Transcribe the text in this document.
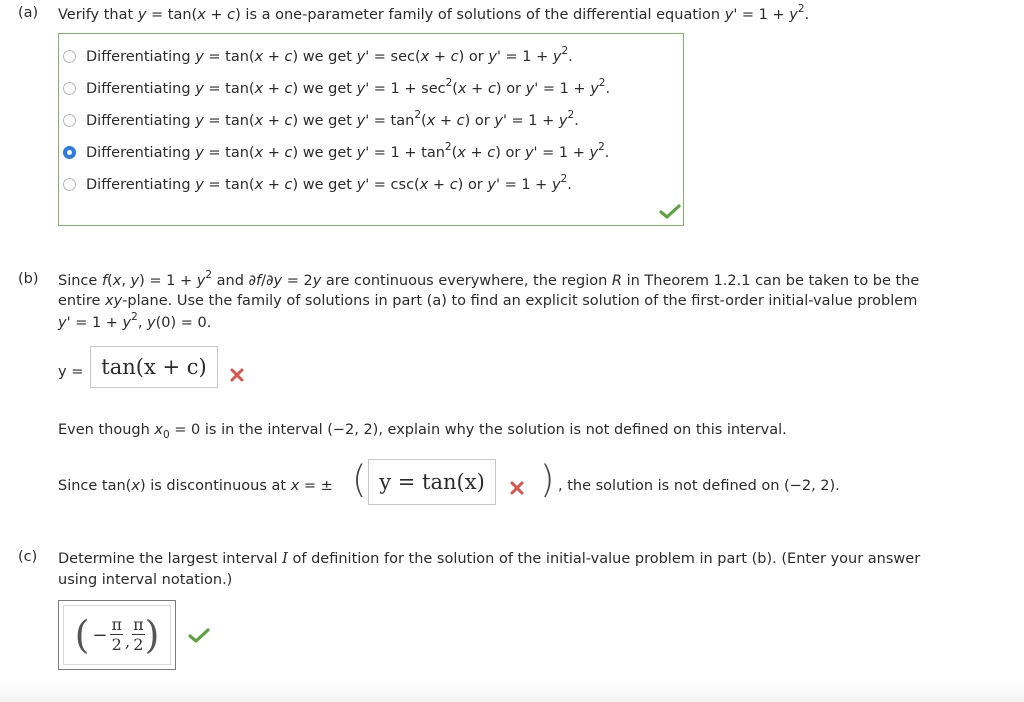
(a) Verify that y = tan(x + c) is a one-parameter family of solutions of the differential equation $y' = 1 + y^2$.
Differentiating y = tan(x + c) we get y' = sec(x + c) or $y' = 1 + y^2$.
Differentiating y = tan(x + c) we get $y' = 1 + \sec^2(x + c)$ or $y' = 1 + y^2$.
Differentiating y = tan(x + c) we get $y' = \tan^2(x + c)$ or $y' = 1 + y^2$.
Differentiating y = tan(x + c) we get $y' = 1 + \tan^2(x + c)$ or $y' = 1 + y^2$.
Differentiating y = tan(x + c) we get y' = csc(x + c) or $y' = 1 + y^2$.
(b) Since f(x, $y) = 1 + y^2$ and ∂f/∂y = 2y are continuous everywhere, the region R in Theorem 1.2.1 can be taken to be the
entire xy-plane. Use the family of solutions in part (a) to find an explicit solution of the first-order initial-value problem
$y' = 1 + y^2$, y(0) = 0.
y = tan(x + c)
Even though $x_0 = 0$ is in the interval (−2, 2), explain why the solution is not defined on this interval.
Since tan(x) is discontinuous at x = ± ( y = tan(x) ) , the solution is not defined on (−2, 2).
(c) Determine the largest interval I of definition for the solution of the initial-value problem in part (b). (Enter your answer
using interval notation.)
( − $\frac{\pi}{2}$ , $\frac{\pi}{2}$ )
